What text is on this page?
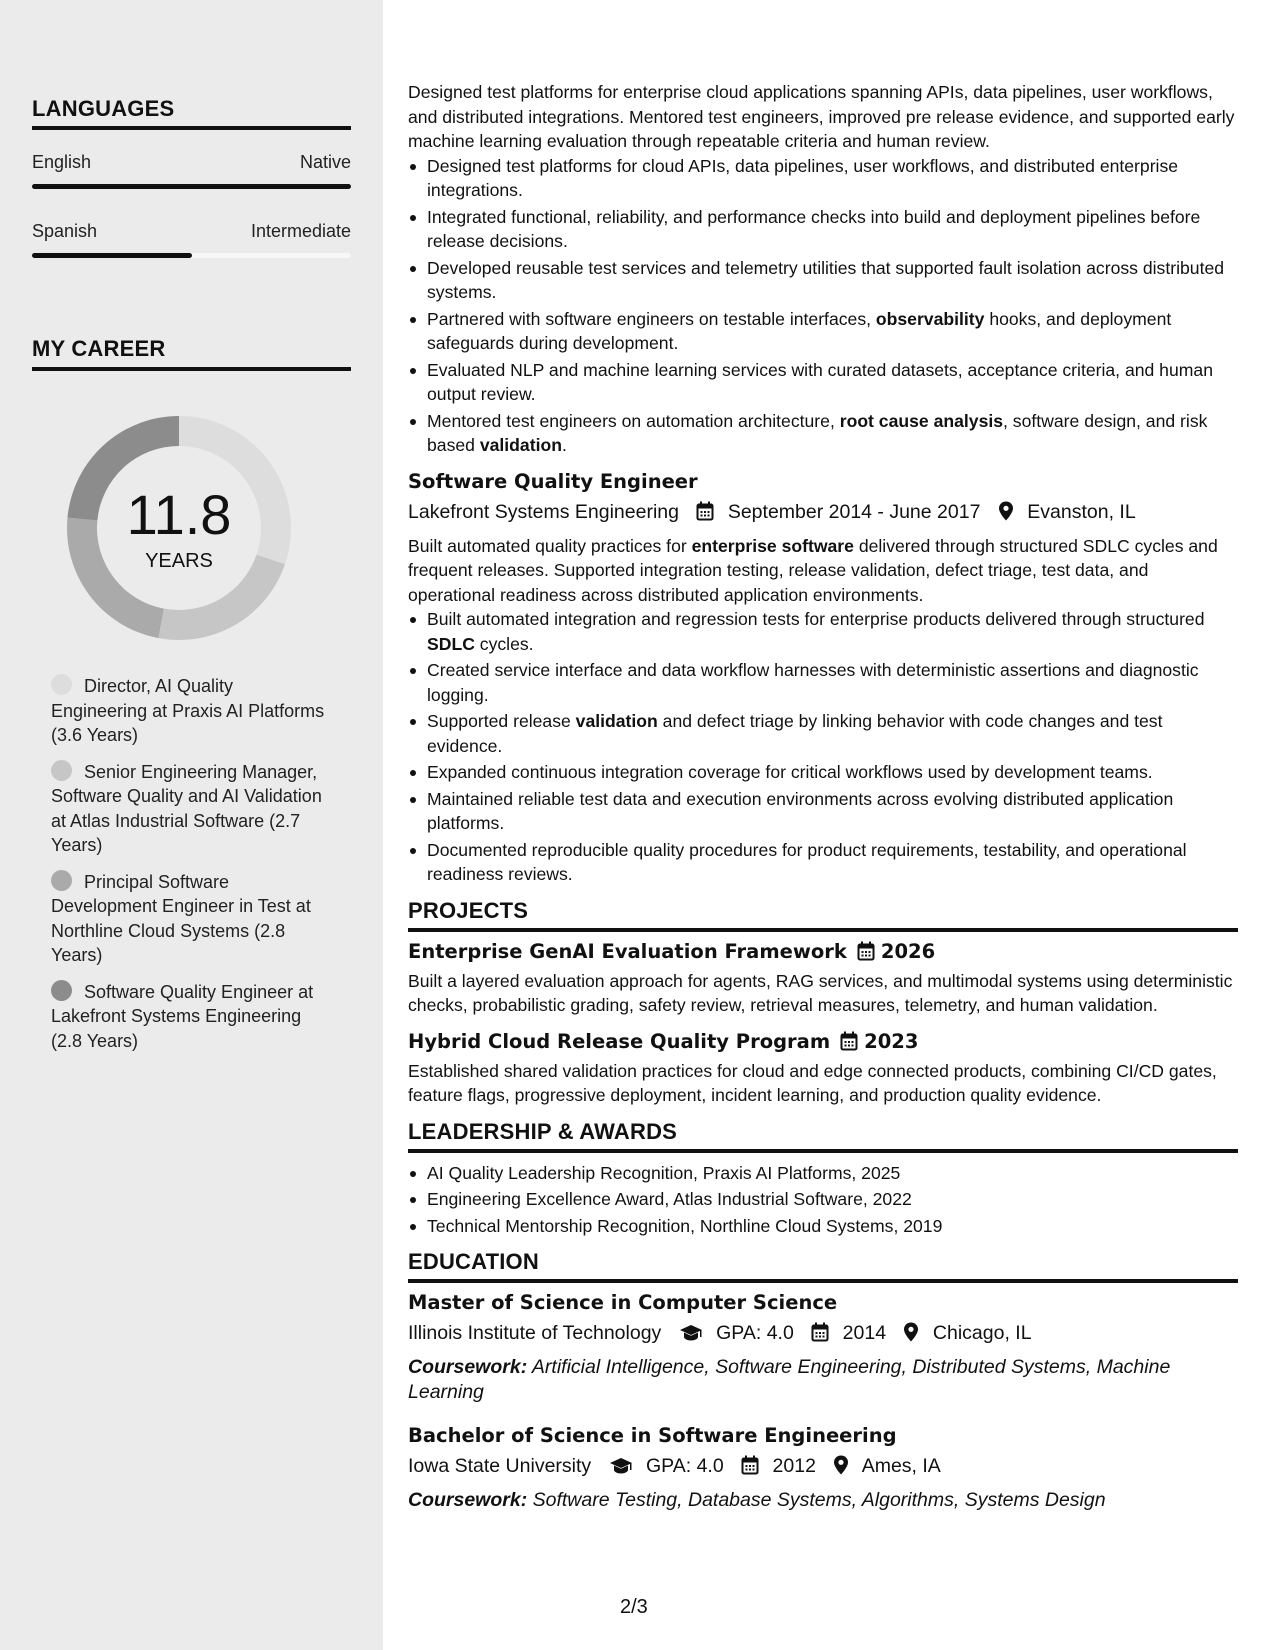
LANGUAGES
English	Native
Spanish	Intermediate
MY CAREER
11.8
YEARS
Director, AI Quality Engineering at Praxis AI Platforms (3.6 Years)
Senior Engineering Manager, Software Quality and AI Validation at Atlas Industrial Software (2.7 Years)
Principal Software Development Engineer in Test at Northline Cloud Systems (2.8 Years)
Software Quality Engineer at Lakefront Systems Engineering (2.8 Years)

Designed test platforms for enterprise cloud applications spanning APIs, data pipelines, user workflows, and distributed integrations. Mentored test engineers, improved pre release evidence, and supported early machine learning evaluation through repeatable criteria and human review.

Designed test platforms for cloud APIs, data pipelines, user workflows, and distributed enterprise integrations.
Integrated functional, reliability, and performance checks into build and deployment pipelines before release decisions.
Developed reusable test services and telemetry utilities that supported fault isolation across distributed systems.
Partnered with software engineers on testable interfaces, observability hooks, and deployment safeguards during development.
Evaluated NLP and machine learning services with curated datasets, acceptance criteria, and human output review.
Mentored test engineers on automation architecture, root cause analysis, software design, and risk based validation.
Software Quality Engineer
Lakefront Systems Engineering	September 2014 - June 2017 Evanston, IL

Built automated quality practices for enterprise software delivered through structured SDLC cycles and frequent releases. Supported integration testing, release validation, defect triage, test data, and operational readiness across distributed application environments.

Built automated integration and regression tests for enterprise products delivered through structured SDLC cycles.
Created service interface and data workflow harnesses with deterministic assertions and diagnostic logging.
Supported release validation and defect triage by linking behavior with code changes and test evidence.
Expanded continuous integration coverage for critical workflows used by development teams.
Maintained reliable test data and execution environments across evolving distributed application platforms.
Documented reproducible quality procedures for product requirements, testability, and operational readiness reviews.
PROJECTS
Enterprise GenAI Evaluation Framework 2026

Built a layered evaluation approach for agents, RAG services, and multimodal systems using deterministic checks, probabilistic grading, safety review, retrieval measures, telemetry, and human validation.

Hybrid Cloud Release Quality Program 2023

Established shared validation practices for cloud and edge connected products, combining CI/CD gates, feature flags, progressive deployment, incident learning, and production quality evidence.

LEADERSHIP & AWARDS
AI Quality Leadership Recognition, Praxis AI Platforms, 2025
Engineering Excellence Award, Atlas Industrial Software, 2022
Technical Mentorship Recognition, Northline Cloud Systems, 2019
EDUCATION
Master of Science in Computer Science
Illinois Institute of Technology	GPA: 4.0	2014 Chicago, IL
Coursework: Artificial Intelligence, Software Engineering, Distributed Systems, Machine Learning
Bachelor of Science in Software Engineering
Iowa State University	GPA: 4.0	2012 Ames, IA
Coursework: Software Testing, Database Systems, Algorithms, Systems Design
2/3
